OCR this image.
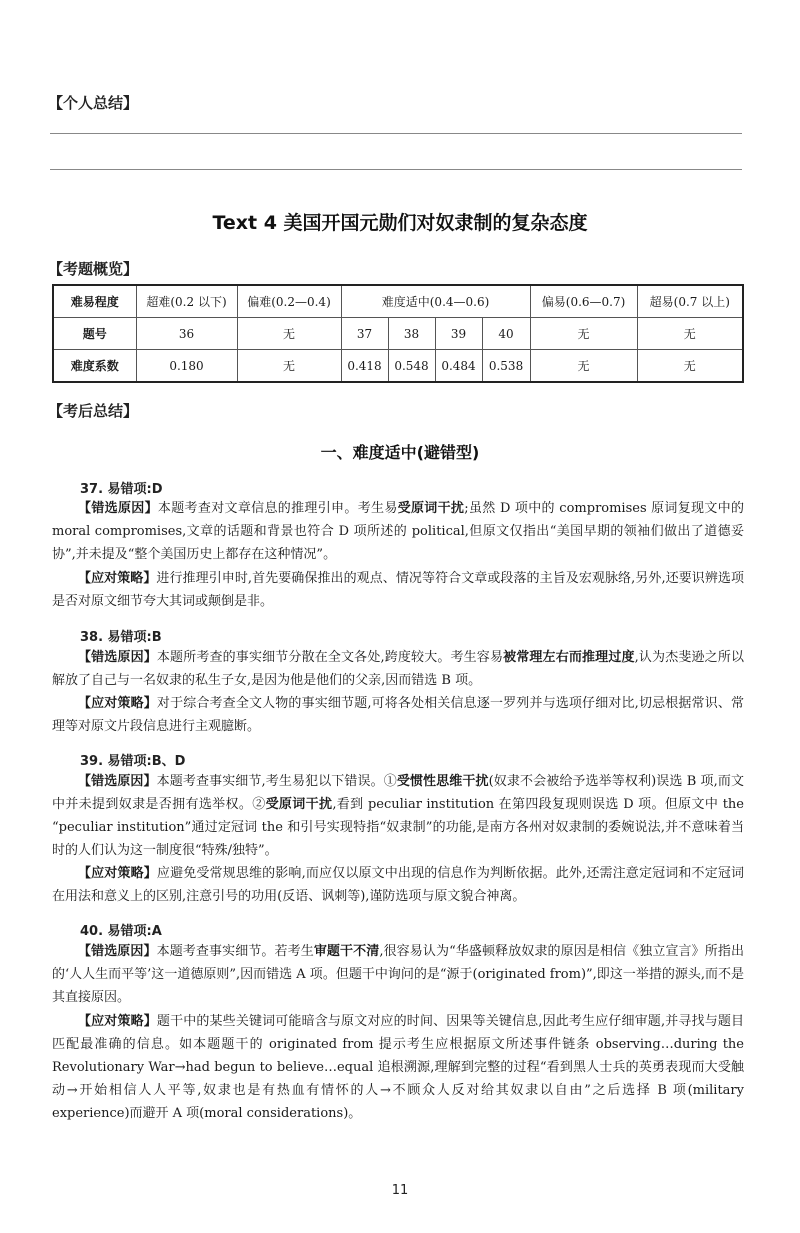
【个人总结】
Text 4 美国开国元勋们对奴隶制的复杂态度
【考题概览】
难易程度	超难(0.2 以下)	偏难(0.2—0.4)	难度适中(0.4—0.6)				偏易(0.6—0.7)	超易(0.7 以上)
题号	36	无	37	38	39	40	无	无
难度系数	0.180	无	0.418	0.548	0.484	0.538	无	无
【考后总结】
一、难度适中(避错型)
37. 易错项:D
【错选原因】本题考查对文章信息的推理引申。考生易受原词干扰;虽然 D 项中的 compromises 原词复现文中的 moral compromises,文章的话题和背景也符合 D 项所述的 political,但原文仅指出“美国早期的领袖们做出了道德妥协”,并未提及“整个美国历史上都存在这种情况”。
【应对策略】进行推理引申时,首先要确保推出的观点、情况等符合文章或段落的主旨及宏观脉络,另外,还要识辨选项是否对原文细节夸大其词或颠倒是非。
38. 易错项:B
【错选原因】本题所考查的事实细节分散在全文各处,跨度较大。考生容易被常理左右而推理过度,认为杰斐逊之所以解放了自己与一名奴隶的私生子女,是因为他是他们的父亲,因而错选 B 项。
【应对策略】对于综合考查全文人物的事实细节题,可将各处相关信息逐一罗列并与选项仔细对比,切忌根据常识、常理等对原文片段信息进行主观臆断。
39. 易错项:B、D
【错选原因】本题考查事实细节,考生易犯以下错误。①受惯性思维干扰(奴隶不会被给予选举等权利)误选 B 项,而文中并未提到奴隶是否拥有选举权。②受原词干扰,看到 peculiar institution 在第四段复现则误选 D 项。但原文中 the “peculiar institution”通过定冠词 the 和引号实现特指“奴隶制”的功能,是南方各州对奴隶制的委婉说法,并不意味着当时的人们认为这一制度很“特殊/独特”。
【应对策略】应避免受常规思维的影响,而应仅以原文中出现的信息作为判断依据。此外,还需注意定冠词和不定冠词在用法和意义上的区别,注意引号的功用(反语、讽刺等),谨防选项与原文貌合神离。
40. 易错项:A
【错选原因】本题考查事实细节。若考生审题干不清,很容易认为“华盛顿释放奴隶的原因是相信《独立宣言》所指出的‘人人生而平等’这一道德原则”,因而错选 A 项。但题干中询问的是“源于(originated from)”,即这一举措的源头,而不是其直接原因。
【应对策略】题干中的某些关键词可能暗含与原文对应的时间、因果等关键信息,因此考生应仔细审题,并寻找与题目匹配最准确的信息。如本题题干的 originated from 提示考生应根据原文所述事件链条 observing…during the Revolutionary War→had begun to believe…equal 追根溯源,理解到完整的过程“看到黑人士兵的英勇表现而大受触动→开始相信人人平等,奴隶也是有热血有情怀的人→不顾众人反对给其奴隶以自由”之后选择 B 项(military experience)而避开 A 项(moral considerations)。
11
